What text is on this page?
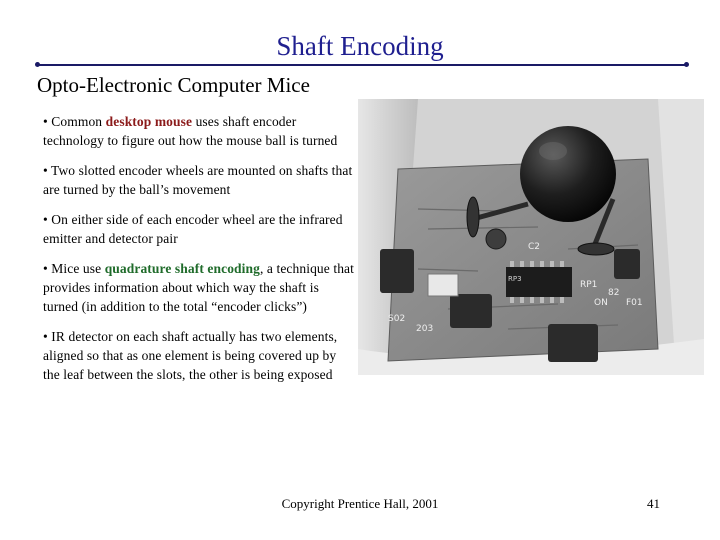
Shaft Encoding
Opto-Electronic Computer Mice
• Common desktop mouse uses shaft encoder technology to figure out how the mouse ball is turned
• Two slotted encoder wheels are mounted on shafts that are turned by the ball’s movement
• On either side of each encoder wheel are the infrared emitter and detector pair
• Mice use quadrature shaft encoding, a technique that provides information about which way the shaft is turned (in addition to the total “encoder clicks”)
• IR detector on each shaft actually has two elements, aligned so that as one element is being covered up by the leaf between the slots, the other is being exposed
RP1
ON
82
F01
RP3
203
S02
C2
Copyright Prentice Hall, 2001	41
